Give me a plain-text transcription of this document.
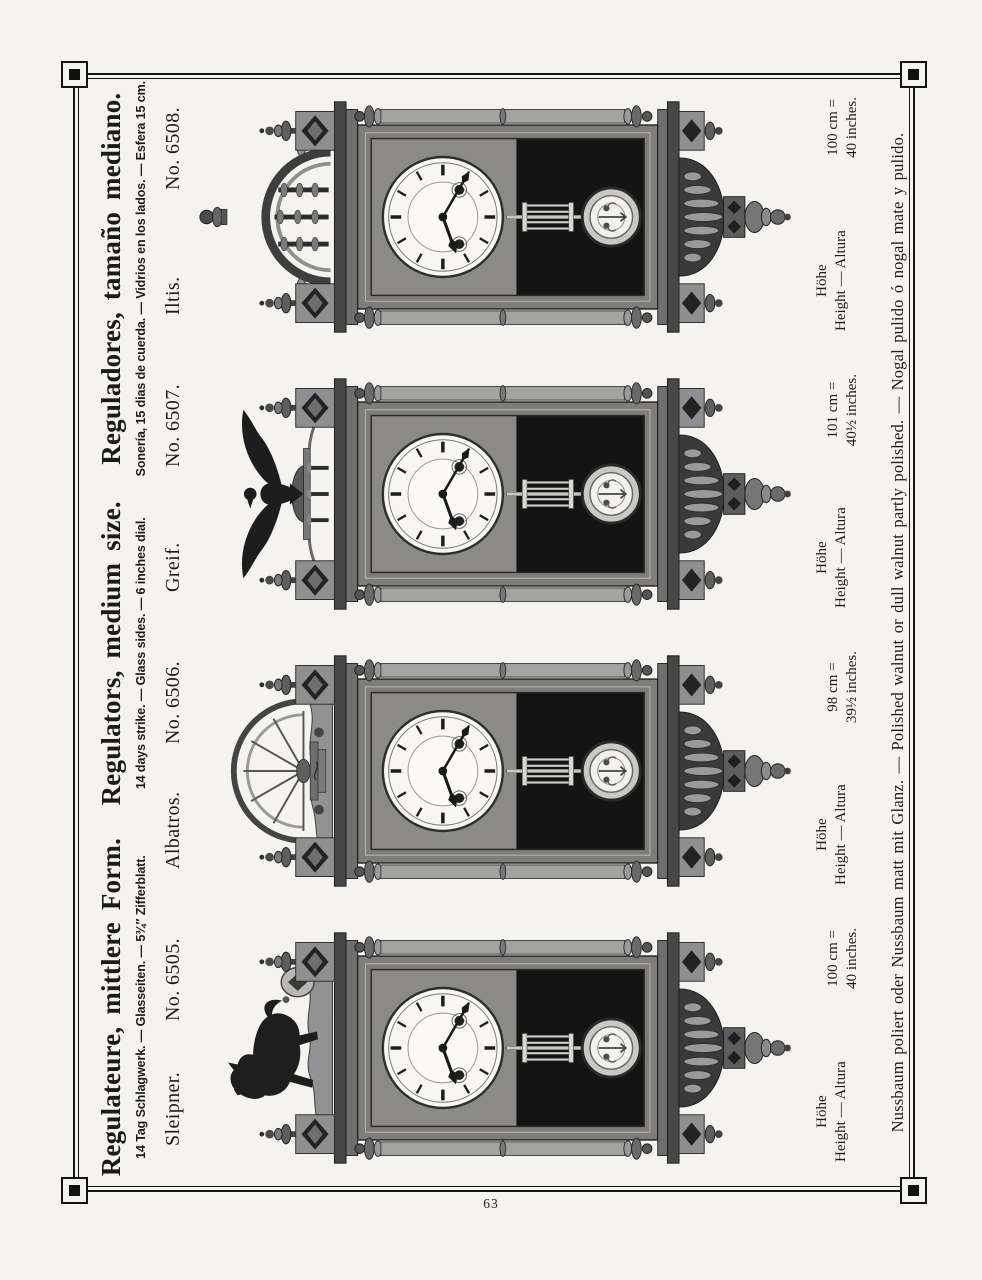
Regulateure, mittlere Form. 14 Tag Schlagwerk. — Glasseiten. — 5¾″ Zifferblatt.
Regulators, medium size. 14 days strike. — Glass sides. — 6 inches dial.
Reguladores, tamaño mediano. Sonería, 15 dias de cuerda. — Vidrios en los lados. — Esfera 15 cm.
Sleipner.
No. 6505.
Höhe Height — Altura
100 cm = 40 inches.
Albatros.
No. 6506.
Höhe Height — Altura
98 cm = 39½ inches.
Greif.
No. 6507.
Höhe Height — Altura
101 cm = 40½ inches.
Iltis.
No. 6508.
Höhe Height — Altura
100 cm = 40 inches.
Nussbaum poliert oder Nussbaum matt mit Glanz. — Polished walnut or dull walnut partly polished. — Nogal pulido ó nogal mate y pulido.
63
